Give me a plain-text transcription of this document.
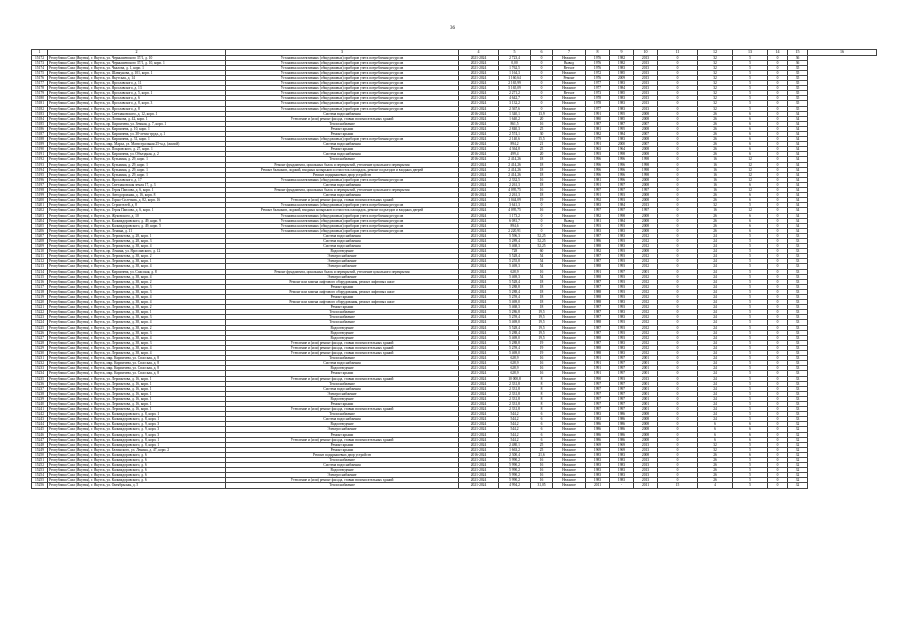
36
1	2	3	4	5	6	7	8	9	10	11	12	13	14	15	16
15172	Республика Саха (Якутия), г. Якутск, ул. Чернышевского 37/1, д. 10	Установка коллективных (общедомовых) приборов учета потребления ресурсов	2021-2024	2 723,4	0	Нежилое	1976	1982	2013	0	32	5	0	36	
15173	Республика Саха (Якутия), г. Якутск, ул. Чернышевского 37/1, д. 10, корп. 1	Установка коллективных (общедомовых) приборов учета потребления ресурсов	2021-2024	0,00	0	Вывод	1976	1982	2013	0	32	5	0	36	
15174	Республика Саха (Якутия), г. Якутск, ул. Чкалова, д. 1, корп. 1	Установка коллективных (общедомовых) приборов учета потребления ресурсов	2021-2024	1 762,5	0	Ветхое	1976	1983	2013	0	32	5	0	35	
15175	Республика Саха (Якутия), г. Якутск, ул. Шавкунова, д. 101, корп. 1	Установка коллективных (общедомовых) приборов учета потребления ресурсов	2021-2024	1 164,3	0	Нежилое	1972	1985	2013	0	32	5	0	35	
15176	Республика Саха (Якутия), г. Якутск, ул. Якутская, д. 14	Установка коллективных (общедомовых) приборов учета потребления ресурсов	2021-2024	1 160,64	0	Ремонт	1976	2009	2013	0	32	5	0	35	
15177	Республика Саха (Якутия), г. Якутск, ул. Ярославского, д. 11	Установка коллективных (общедомовых) приборов учета потребления ресурсов	2021-2024	2 165,99	0	Нежилое	1977	1983	2013	0	32	5	0	35	
15178	Республика Саха (Якутия), г. Якутск, ул. Ярославского, д. 13	Установка коллективных (общедомовых) приборов учета потребления ресурсов	2021-2024	5 165,09	0	Нежилое	1977	1984	2013	0	32	5	0	35	
15179	Республика Саха (Якутия), г. Якутск, ул. Ярославского, д. 5, корп. 1	Установка коллективных (общедомовых) приборов учета потребления ресурсов	2021-2024	2 271,2	0	Ветхое	1973	1985	2013	0	32	5	0	35	
15180	Республика Саха (Якутия), г. Якутск, ул. Ярославского, д. 6	Установка коллективных (общедомовых) приборов учета потребления ресурсов	2021-2024	4 642,7	0	Нежилое	1978	1983	2013	0	32	5	0	35	
15181	Республика Саха (Якутия), г. Якутск, ул. Ярославского, д. 8, корп. 3	Установка коллективных (общедомовых) приборов учета потребления ресурсов	2021-2024	3 132,2	0	Нежилое	1978	1983	2013	0	32	5	0	35	
15182	Республика Саха (Якутия), г. Якутск, ул. Ярославского, д. 8	Установка коллективных (общедомовых) приборов учета потребления ресурсов	2021-2024	2 367,6	0	Нежилое	1977	1983	2013	0	32	5	0	35	
15183	Республика Саха (Якутия), г. Якутск, ул. Светлановского, д. 12, корп. 1	Система водоснабжения	2016-2024	1 340,1	13,9	Нежилое	1991	1995	2008	0	26	6	0	34	
15184	Республика Саха (Якутия), г. Якутск, ул. Логинова, д. 42, корп. 1	Утепление и (или) ремонт фасада, ставни вспомогательных зданий	2021-2024	1 640,2	20	Нежилое	1980	1985	2008	0	26	6	0	34	
15185	Республика Саха (Якутия), г. Якутск, пр. Кирпичева, ул. Земная, д. 7, корп. 1	Теплоснабжение	2016-2024	861,5	16	Нежилое	1987	1987	2007	0	26	6	0	34	
15186	Республика Саха (Якутия), г. Якутск, ул. Кирпичева, д. 10, корп. 1	Ремонт крыши	2021-2024	2 840,3	25	Нежилое	1981	1995	2008	0	26	6	0	34	
15187	Республика Саха (Якутия), г. Якутск, ул. Кирпичева, ул. 30-летия труда, д. 1	Ремонт крыши	2021-2024	2 574,1	30	Нежилое	1982	1984	2007	0	26	6	0	34	
15188	Республика Саха (Якутия), г. Якутск, ул. Кирпичева, д. 31, корп. 1	Установка коллективных (общедомовых) приборов учета потребления ресурсов	2021-2024	2 140,6	15,5	Нежилое	1979	1983	2008	0	26	6	0	34	
15189	Республика Саха (Якутия), г. Якутск, мкр. Марха, ул. Магистральная 25-м.д. (жилой)	Система водоснабжения	2016-2024	894,2	21	Нежилое	1991	2000	2007	0	26	6	0	34	
15190	Республика Саха (Якутия), г. Якутск, ул. Покровского, д. 27, корп. 1	Ремонт крыши	2021-2024	4 364,8	25	Нежилое	1963	1964	2008	0	26	6	0	34	
15191	Республика Саха (Якутия), г. Якутск, ул. Кирпичева, ул. Объездная, д. 2	Система водоснабжения	2016-2024	499,4	20	Нежилое	1993	1998	2008	0	26	6	0	34	
15192	Республика Саха (Якутия), г. Якутск, ул. Кузьмина, д. 29, корп. 1	Теплоснабжение	2016-2024	2 414,26	18	Нежилое	1996	1996	1998	0	16	12	0	34	
15193	Республика Саха (Якутия), г. Якутск, ул. Кузьмина, д. 29, корп. 1	Ремонт фундамента, цокольных балок и перекрытий, утепление цокольного перекрытия	2021-2024	2 414,26	18	Нежилое	1996	1996	1998	0	16	12	0	34	
15194	Республика Саха (Якутия), г. Якутск, ул. Кузьмина, д. 29, корп. 1	Ремонт балконов, лоджий, входных козырьков и отмосток площадок, ремонт подъездов и входных дверей	2021-2024	2 414,26	18	Нежилое	1996	1996	1998	0	16	12	0	34	
15195	Республика Саха (Якутия), г. Якутск, ул. Кузьмина, д. 29, корп. 1	Ремонт подкрышевых двор устройств	2021-2024	2 414,26	18	Нежилое	1996	1996	1998	0	16	12	0	34	
15196	Республика Саха (Якутия), г. Якутск, ул. Ярославского, д. 17	Установка коллективных (общедомовых) приборов учета потребления ресурсов	2021-2024	2 332,5	16	Нежилое	1981	1996	2008	0	16	12	0	34	
15197	Республика Саха (Якутия), г. Якутск, ул. Светлановская земля 17, д. 3	Система водоснабжения	2021-2024	2 261,3	18	Нежилое	1991	1997	2008	0	16	6	0	34	
15198	Республика Саха (Якутия), г. Якутск, ул. Героя Павлова, д. 6, корп. 1	Ремонт фундамента, цокольных балок и перекрытий, утепление цокольного перекрытия	2021-2024	4 095,75	16	Нежилое	1997	1997	1997	0	16	12	0	34	
15199	Республика Саха (Якутия), г. Якутск, ул. Автодорожная, д. 16, корп. 8	Система водоснабжения	2016-2024	2 261,3	18	Нежилое	1991	1993	2008	0	26	6	0	34	
15200	Республика Саха (Якутия), г. Якутск, ул. Горно-Сплетник, д. 82, корп. 16	Утепление и (или) ремонт фасада, ставни вспомогательных зданий	2021-2024	1 044,09	19	Нежилое	1992	1993	2008	0	26	6	0	34	
15201	Республика Саха (Якутия), г. Якутск, ул. Строителей, д. 8	Установка коллективных (общедомовых) приборов учета потребления ресурсов	2021-2024	3 641,3	0	Нежилое	1983	1984	2013	0	32	5	0	34	
15202	Республика Саха (Якутия), г. Якутск, ул. Героя Павлова, д. 6, корп. 1	Ремонт балконов, лоджий, входных козырьков и отмосток площадок, ремонт подъездов и входных дверей	2021-2024	4 095,75	16	Нежилое	1997	1997	1997	0	16	12	0	34	
15203	Республика Саха (Якутия), г. Якутск, ул. Жуковского, д. 10	Установка коллективных (общедомовых) приборов учета потребления ресурсов	2021-2024	1 173,2	0	Нежилое	1982	1998	2008	0	26	6	0	34	
15204	Республика Саха (Якутия), г. Якутск, ул. Кальвадоровского, д. 49, корп. 9	Установка коллективных (общедомовых) приборов учета потребления ресурсов	2021-2024	6 081,7	0	Вывод	1981	1984	2008	0	26	6	0	34	
15205	Республика Саха (Якутия), г. Якутск, ул. Кальвадоровского, д. 49, корп. 5	Установка коллективных (общедомовых) приборов учета потребления ресурсов	2021-2024	894,6	0	Нежилое	1993	1993	2008	0	26	6	0	34	
15206	Республика Саха (Якутия), г. Якутск, ул. Ленина, д. 11	Установка коллективных (общедомовых) приборов учета потребления ресурсов	2021-2024	2 220,91	0	Нежилое	1983	1983	2008	0	26	6	0	34	
15207	Республика Саха (Якутия), г. Якутск, ул. Лермонтова, д. 28, корп. 1	Система водоснабжения	2021-2024	5 596,3	52,25	Нежилое	1987	1983	2012	0	24	5	0	33	
15208	Республика Саха (Якутия), г. Якутск, ул. Лермонтова, д. 28, корп. 3	Система водоснабжения	2021-2024	5 289,4	52,25	Нежилое	1986	1993	2012	0	24	5	0	33	
15209	Республика Саха (Якутия), г. Якутск, ул. Лермонтова, д. 38, корп. 4	Система водоснабжения	2021-2024	5 468,3	52,25	Нежилое	1988	1983	2012	0	24	5	0	33	
15210	Республика Саха (Якутия), г. Якутск, пр. Ленина, ул. Ярославского, д. 12	Водоотведение	2021-2024	728	60	Нежилое	1982	1993	2008	0	24	5	0	33	
15211	Республика Саха (Якутия), г. Якутск, ул. Лермонтова, д. 38, корп. 2	Электроснабжение	2021-2024	5 528,4	54	Нежилое	1987	1993	2012	0	24	5	0	33	
15212	Республика Саха (Якутия), г. Якутск, ул. Лермонтова, д. 38, корп. 1	Электроснабжение	2021-2024	5 255,8	54	Нежилое	1987	1993	2012	0	24	5	0	33	
15213	Республика Саха (Якутия), г. Якутск, ул. Лермонтова, д. 38, корп. 4	Электроснабжение	2021-2024	5 469,3	54	Нежилое	1988	1993	2012	0	24	5	0	33	
15214	Республика Саха (Якутия), г. Якутск, ул. Кирпичева, ул. Спасская, д. 8	Ремонт фундамента, цокольных балок и перекрытий, утепление цокольного перекрытия	2021-2024	628,9	16	Нежилое	1991	1997	2001	0	24	5	0	33	
15215	Республика Саха (Якутия), г. Якутск, ул. Лермонтова, д. 38, корп. 4	Электроснабжение	2021-2024	5 469,3	54	Нежилое	1988	1993	2012	0	24	5	0	33	
15216	Республика Саха (Якутия), г. Якутск, ул. Лермонтова, д. 38, корп. 2	Ремонт или замена лифтового оборудования, ремонт лифтовых шахт	2021-2024	5 528,4	18	Нежилое	1987	1993	2012	0	24	5	0	33	
15217	Республика Саха (Якутия), г. Якутск, ул. Лермонтова, д. 38, корп. 3	Ремонт крыши	2021-2024	5 288,8	18	Нежилое	1987	1993	2012	0	24	5	0	33	
15218	Республика Саха (Якутия), г. Якутск, ул. Лермонтова, д. 38, корп. 3	Ремонт или замена лифтового оборудования, ремонт лифтовых шахт	2021-2024	5 288,4	18	Нежилое	1988	1993	2012	0	24	5	0	33	
15219	Республика Саха (Якутия), г. Якутск, ул. Лермонтова, д. 38, корп. 4	Ремонт крыши	2021-2024	5 259,4	18	Нежилое	1988	1993	2012	0	24	5	0	33	
15220	Республика Саха (Якутия), г. Якутск, ул. Лермонтова, д. 38, корп. 4	Ремонт или замена лифтового оборудования, ремонт лифтовых шахт	2021-2024	5 469,0	18	Нежилое	1988	1983	2012	0	24	5	0	33	
15221	Республика Саха (Якутия), г. Якутск, ул. Лермонтова, д. 38, корп. 2	Ремонт крыши	2021-2024	5 468,3	18	Нежилое	1987	1993	2012	0	24	5	0	33	
15222	Республика Саха (Якутия), г. Якутск, ул. Лермонтова, д. 38, корп. 1	Теплоснабжение	2021-2024	5 286,8	19,5	Нежилое	1987	1983	2012	0	24	5	0	33	
15223	Республика Саха (Якутия), г. Якутск, ул. Лермонтова, д. 38, корп. 3	Теплоснабжение	2021-2024	5 259,4	19,5	Нежилое	1987	1983	2012	0	24	5	0	33	
15224	Республика Саха (Якутия), г. Якутск, ул. Лермонтова, д. 38, корп. 4	Теплоснабжение	2021-2024	5 469,0	19,5	Нежилое	1988	1993	2012	0	24	5	0	33	
15225	Республика Саха (Якутия), г. Якутск, ул. Лермонтова, д. 38, корп. 2	Водоотведение	2021-2024	5 528,4	19,5	Нежилое	1987	1993	2012	0	24	5	0	33	
15226	Республика Саха (Якутия), г. Якутск, ул. Лермонтова, д. 38, корп. 3	Водоотведение	2021-2024	5 288,4	19,5	Нежилое	1987	1993	2012	0	24	5	0	33	
15227	Республика Саха (Якутия), г. Якутск, ул. Лермонтова, д. 38, корп. 4	Водоотведение	2021-2024	5 469,0	19,5	Нежилое	1988	1993	2012	0	24	5	0	33	
15228	Республика Саха (Якутия), г. Якутск, ул. Лермонтова, д. 38, корп. 3	Утепление и (или) ремонт фасада, ставни вспомогательных зданий	2021-2024	5 288,8	19	Нежилое	1987	1983	2012	0	24	5	0	33	
15229	Республика Саха (Якутия), г. Якутск, ул. Лермонтова, д. 38, корп. 4	Утепление и (или) ремонт фасада, ставни вспомогательных зданий	2021-2024	5 259,4	19	Нежилое	1988	1983	2012	0	24	5	0	33	
15230	Республика Саха (Якутия), г. Якутск, ул. Лермонтова, д. 38, корп. 4	Утепление и (или) ремонт фасада, ставни вспомогательных зданий	2021-2024	5 469,0	19	Нежилое	1988	1983	2012	0	24	5	0	33	
15231	Республика Саха (Якутия), г. Якутск, мкр. Кирпичева, ул. Спасская, д. 8	Теплоснабжение	2021-2024	628,9	16	Нежилое	1991	1997	2001	0	24	5	0	33	
15232	Республика Саха (Якутия), г. Якутск, мкр. Кирпичева, ул. Спасская, д. 8	Система водоснабжения	2021-2024	628,9	16	Нежилое	1991	1997	2001	0	24	5	0	33	
15233	Республика Саха (Якутия), г. Якутск, мкр. Кирпичева, ул. Спасская, д. 8	Водоотведение	2021-2024	628,9	16	Нежилое	1991	1997	2001	0	24	5	0	33	
15234	Республика Саха (Якутия), г. Якутск, мкр. Кирпичева, ул. Спасская, д. 8	Ремонт крыши	2021-2024	628,9	16	Нежилое	1991	1997	2001	0	24	5	0	33	
15235	Республика Саха (Якутия), г. Якутск, ул. Лермонтова, д. 16, корп. 1	Утепление и (или) ремонт фасада, ставни вспомогательных зданий	2021-2024	10 000,8	8	Нежилое	1990	1993	2013	0	24	5	0	33	
15236	Республика Саха (Якутия), г. Якутск, ул. Лермонтова, д. 16, корп. 1	Теплоснабжение	2021-2024	2 331,8	8	Нежилое	1997	1997	2001	0	24	5	0	33	
15237	Республика Саха (Якутия), г. Якутск, ул. Лермонтова, д. 16, корп. 1	Система водоснабжения	2021-2024	2 331,8	8	Нежилое	1997	1997	2001	0	24	5	0	33	
15238	Республика Саха (Якутия), г. Якутск, ул. Лермонтова, д. 16, корп. 1	Электроснабжение	2021-2024	2 331,8	8	Нежилое	1997	1997	2001	0	24	5	0	33	
15239	Республика Саха (Якутия), г. Якутск, ул. Лермонтова, д. 16, корп. 1	Водоотведение	2021-2024	2 331,8	8	Нежилое	1997	1997	2001	0	24	5	0	33	
15240	Республика Саха (Якутия), г. Якутск, ул. Лермонтова, д. 16, корп. 1	Ремонт крыши	2021-2024	2 331,8	8	Нежилое	1997	1997	2001	0	24	5	0	33	
15241	Республика Саха (Якутия), г. Якутск, ул. Лермонтова, д. 16, корп. 1	Утепление и (или) ремонт фасада, ставни вспомогательных зданий	2021-2024	2 331,8	8	Нежилое	1997	1997	2001	0	24	5	0	33	
15242	Республика Саха (Якутия), г. Якутск, ул. Кальвадоровского, д. 8, корп. 1	Теплоснабжение	2021-2024	544,2	6	Нежилое	1983	1986	2008	0	24	5	0	33	
15243	Республика Саха (Якутия), г. Якутск, ул. Кальвадоровского, д. 8, корп. 1	Система водоснабжения	2021-2024	544,2	6	Нежилое	1983	1986	2008	0	24	5	0	33	
15244	Республика Саха (Якутия), г. Якутск, ул. Кальвадоровского, д. 9, корп. 3	Водоотведение	2021-2024	544,2	6	Нежилое	1986	1986	2008	0	6	6	0	32	
15245	Республика Саха (Якутия), г. Якутск, ул. Кальвадоровского, д. 9, корп. 3	Электроснабжение	2021-2024	544,2	6	Нежилое	1986	1986	2008	0	6	6	0	32	
15246	Республика Саха (Якутия), г. Якутск, ул. Кальвадоровского, д. 9, корп. 3	Ремонт крыши	2021-2024	544,2	6	Нежилое	1986	1986	2008	0	6	6	0	32	
15247	Республика Саха (Якутия), г. Якутск, ул. Кальвадоровского, д. 8, корп. 1	Утепление и (или) ремонт фасада, ставни вспомогательных зданий	2021-2024	544,2	6	Нежилое	1986	1986	2008	0	6	6	0	32	
15248	Республика Саха (Якутия), г. Якутск, ул. Кальвадоровского, д. 8, корп. 1	Ремонт крыши	2021-2024	2 480,1	25	Нежилое	1969	1969	2013	0	32	5	0	32	
15249	Республика Саха (Якутия), г. Якутск, ул. Белинского, ул. Ленина, д. 47, корп. 2	Ремонт крыши	2021-2024	1 663,2	25	Нежилое	1969	1969	2013	0	32	5	0	32	
15250	Республика Саха (Якутия), г. Якутск, ул. Кальвадоровского, д. 6	Ремонт подкрышевых двор устройств	2016-2024	2 300,4	21,6	Нежилое	1983	1983	2008	0	26	6	0	32	
15251	Республика Саха (Якутия), г. Якутск, ул. Кальвадоровского, д. 6	Теплоснабжение	2021-2024	5 990,2	16	Нежилое	1983	1983	2013	0	26	5	0	32	
15252	Республика Саха (Якутия), г. Якутск, ул. Кальвадоровского, д. 6	Система водоснабжения	2021-2024	5 990,2	16	Нежилое	1983	1983	2013	0	26	5	0	32	
15253	Республика Саха (Якутия), г. Якутск, ул. Кальвадоровского, д. 6	Водоотведение	2021-2024	5 990,2	16	Нежилое	1983	1983	2013	0	26	5	0	32	
15254	Республика Саха (Якутия), г. Якутск, ул. Кальвадоровского, д. 6	Электроснабжение	2021-2024	5 990,2	16	Нежилое	1983	1983	2013	0	26	5	0	32	
15255	Республика Саха (Якутия), г. Якутск, ул. Кальвадоровского, д. 6	Утепление и (или) ремонт фасада, ставни вспомогательных зданий	2021-2024	5 990,2	16	Нежилое	1983	1983	2013	0	26	5	0	32	
15256	Республика Саха (Якутия), г. Якутск, ул. Октябрьская, д. 5	Теплоснабжение	2021-2024	4 994,2	31,05	Нежилое	2011	-	2011	15	4	5	0	32	
